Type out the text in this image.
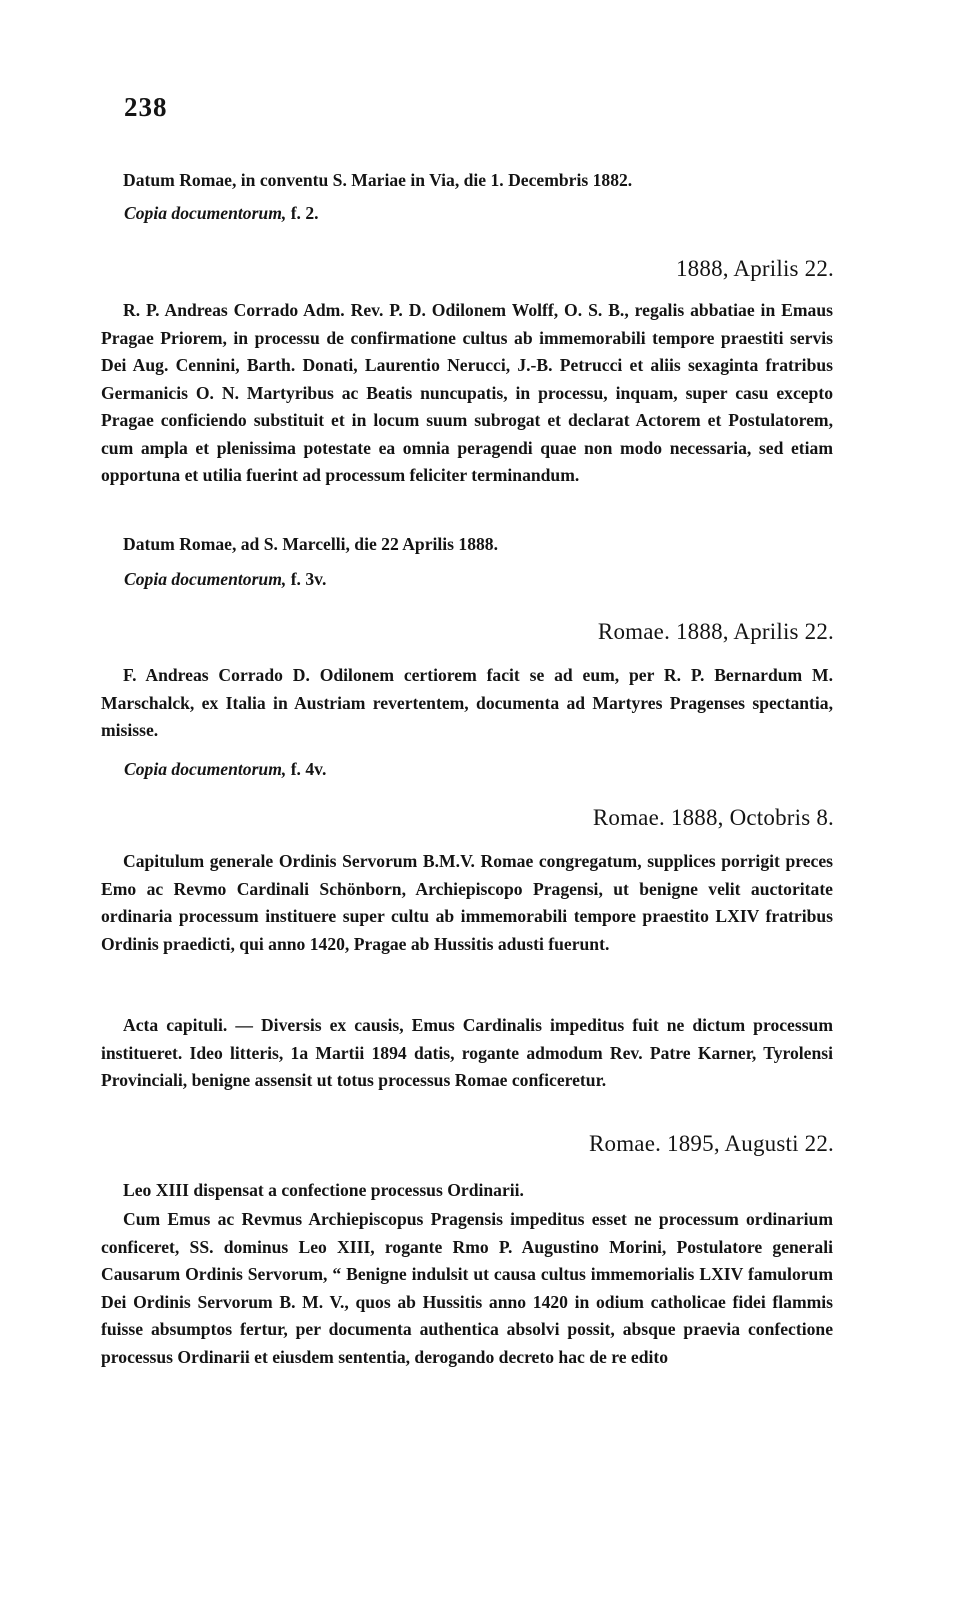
238
Datum Romae, in conventu S. Mariae in Via, die 1. Decembris 1882.
Copia documentorum, f. 2.
1888, Aprilis 22.
R. P. Andreas Corrado Adm. Rev. P. D. Odilonem Wolff, O. S. B., regalis abbatiae in Emaus Pragae Priorem, in processu de confirmatione cultus ab immemorabili tempore praestiti servis Dei Aug. Cennini, Barth. Donati, Laurentio Nerucci, J.-B. Petrucci et aliis sexaginta fratribus Germanicis O. N. Martyribus ac Beatis nuncupatis, in processu, inquam, super casu excepto Pragae conficiendo substituit et in locum suum subrogat et declarat Actorem et Postulatorem, cum ampla et plenissima potestate ea omnia peragendi quae non modo necessaria, sed etiam opportuna et utilia fuerint ad processum feliciter terminandum.
Datum Romae, ad S. Marcelli, die 22 Aprilis 1888.
Copia documentorum, f. 3v.
Romae. 1888, Aprilis 22.
F. Andreas Corrado D. Odilonem certiorem facit se ad eum, per R. P. Bernardum M. Marschalck, ex Italia in Austriam revertentem, documenta ad Martyres Pragenses spectantia, misisse.
Copia documentorum, f. 4v.
Romae. 1888, Octobris 8.
Capitulum generale Ordinis Servorum B.M.V. Romae congregatum, supplices porrigit preces Emo ac Revmo Cardinali Schönborn, Archiepiscopo Pragensi, ut benigne velit auctoritate ordinaria processum instituere super cultu ab immemorabili tempore praestito LXIV fratribus Ordinis praedicti, qui anno 1420, Pragae ab Hussitis adusti fuerunt.
Acta capituli. — Diversis ex causis, Emus Cardinalis impeditus fuit ne dictum processum institueret. Ideo litteris, 1a Martii 1894 datis, rogante admodum Rev. Patre Karner, Tyrolensi Provinciali, benigne assensit ut totus processus Romae conficeretur.
Romae. 1895, Augusti 22.
Leo XIII dispensat a confectione processus Ordinarii.
Cum Emus ac Revmus Archiepiscopus Pragensis impeditus esset ne processum ordinarium conficeret, SS. dominus Leo XIII, rogante Rmo P. Augustino Morini, Postulatore generali Causarum Ordinis Servorum, “ Benigne indulsit ut causa cultus immemorialis LXIV famulorum Dei Ordinis Servorum B. M. V., quos ab Hussitis anno 1420 in odium catholicae fidei flammis fuisse absumptos fertur, per documenta authentica absolvi possit, absque praevia confectione processus Ordinarii et eiusdem sententia, derogando decreto hac de re edito
